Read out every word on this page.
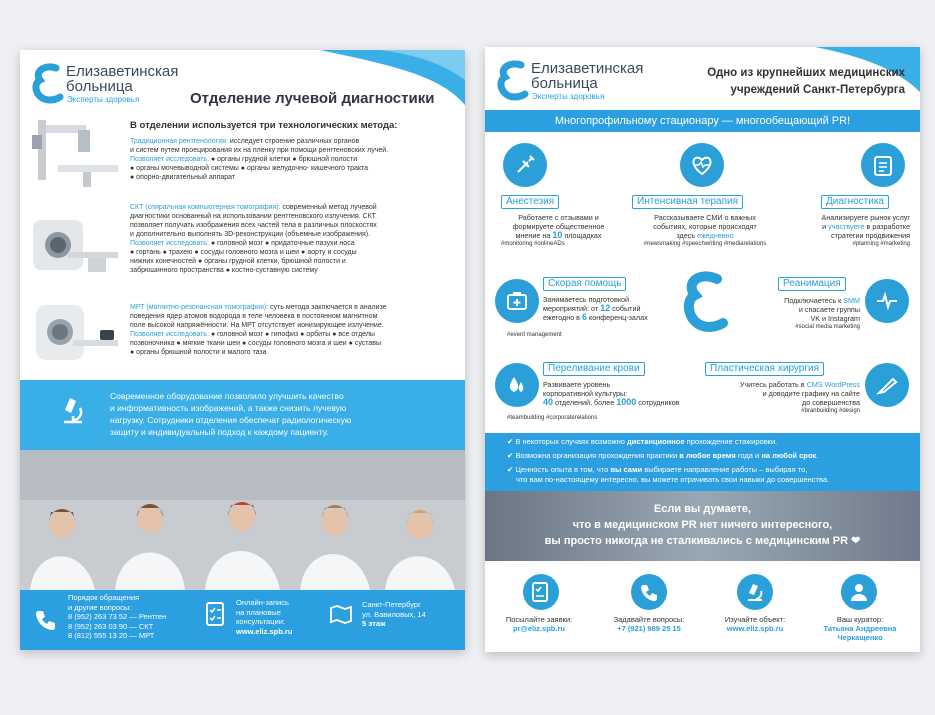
Елизаветинская
больница
Эксперты здоровья	Отделение лучевой диагностики
В отделении используется три технологических метода:
Традиционная рентгенология: исследует строение различных органов
и систем путем проецирования их на пленку при помощи рентгеновских лучей.
Позволяет исследовать: ● органы грудной клетки ● брюшной полости
● органы мочевыводной системы ● органы желудочно- кишечного тракта
● опорно-двигательный аппарат
СКТ (спиральная компьютерная томография): современный метод лучевой
диагностики основанный на использовании рентгеновского излучения. СКТ
позволяет получать изображения всех частей тела в различных плоскостях
и дополнительно выполнять 3D-реконструкции (объемные изображения).
Позволяет исследовать: ● головной мозг ● придаточные пазухи носа
● гортань ● трахею ● сосуды головного мозга и шеи ● аорту и сосуды
нижних конечностей ● органы грудной клетки, брюшной полости и
забрюшинного пространства ● костно-суставную систему
МРТ (магнитно-резонансная томография): суть метода заключается в анализе
поведения ядер атомов водорода в теле человека в постоянном магнитном
поле высокой напряжённости. На МРТ отсутствует ионизирующее излучение.
Позволяет исследовать: ● головной мозг ● гипофиз ● орбиты ● все отделы
позвоночника ● мягкие ткани шеи ● сосуды головного мозга и шеи ● суставы
● органы брюшной полости и малого таза
Современное оборудование позволило улучшить качество
и информативность изображений, а также снизить лучевую
нагрузку. Сотрудники отделения обеспечат радиологическую
защиту и индивидуальный подход к каждому пациенту.
Порядок обращения
и другие вопросы:
8 (952) 263 73 52 — Рентген
8 (952) 263 03 90 — СКТ
8 (812) 555 13 20 — МРТ
Онлайн-запись
на плановые
консультации:
www.eliz.spb.ru
Санкт-Петербург
ул. Вавиловых, 14
5 этаж
Елизаветинская
больница
Эксперты здоровья
Одно из крупнейших медицинских
учреждений Санкт-Петербурга
Многопрофильному стационару — многообещающий PR!
Анестезия	Интенсивная терапия	Диагностика
Работаете с отзывами и
формируете общественное
мнение на 10 площадках
#monitoring #onlineADs
Рассказываете СМИ о важных
событиях, которые происходят
здесь ежедневно
#newsmaking #speechwriting #mediarelations
Анализируете рынок услуг
и участвуете в разработке
стратегии продвижения
#planning #marketing
Скорая помощь
Занимаетесь подготовкой
мероприятий: от 12 событий
ежегодно в 6 конференц-залах
#event management
Реанимация
Подключаетесь к SMM
и спасаете группы
VK и Instagram
#social media marketing
Переливание крови
Развиваете уровень
корпоративной культуры:
40 отделений, более 1000 сотрудников
#teambuilding #corporaterelations
Пластическая хирургия
Учитесь работать в CMS WordPress
и доводите графику на сайте
до совершенства
#branbuilding #design
✔ В некоторых случаях возможно дистанционное прохождение стажировки.
✔ Возможна организация прохождения практики в любое время года и на любой срок.
✔ Ценность опыта в том, что вы сами выбираете направление работы – выбирая то,
что вам по-настоящему интересно, вы можете отрачивать свои навыки до совершенства.
Если вы думаете,
что в медицинском PR нет ничего интересного,
вы просто никогда не сталкивались с медицинским PR ❤
Посылайте заявки:
pr@eliz.spb.ru
Задавайте вопросы:
+7 (921) 989 25 15
Изучайте объект:
www.eliz.spb.ru
Ваш куратор:
Татьяна Андреевна
Черкащенко
